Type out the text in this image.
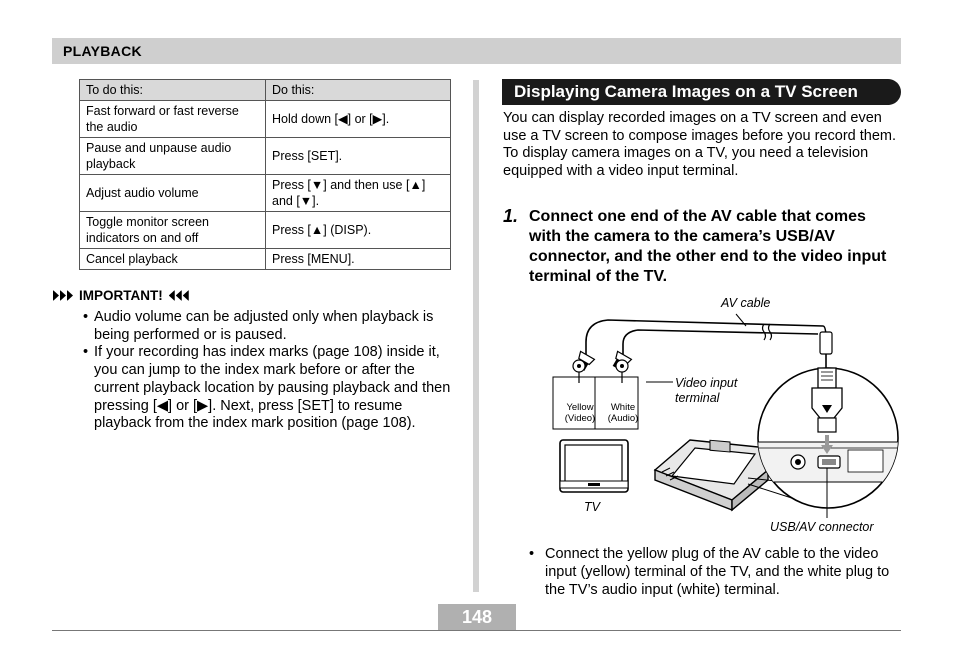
PLAYBACK
To do this:	Do this:
Fast forward or fast reverse the audio	Hold down [◀] or [▶].
Pause and unpause audio playback	Press [SET].
Adjust audio volume	Press [▼] and then use [▲] and [▼].
Toggle monitor screen indicators on and off	Press [▲] (DISP).
Cancel playback	Press [MENU].
IMPORTANT!
• Audio volume can be adjusted only when playback is being performed or is paused.
• If your recording has index marks (page 108) inside it, you can jump to the index mark before or after the current playback location by pausing playback and then pressing [◀] or [▶]. Next, press [SET] to resume playback from the index mark position (page 108).
Displaying Camera Images on a TV Screen
You can display recorded images on a TV screen and even use a TV screen to compose images before you record them. To display camera images on a TV, you need a television equipped with a video input terminal.
1. Connect one end of the AV cable that comes with the camera to the camera’s USB/AV connector, and the other end to the video input terminal of the TV.
AV cable
Video input
terminal
Yellow
(Video)
White
(Audio)
TV
USB/AV connector
• Connect the yellow plug of the AV cable to the video input (yellow) terminal of the TV, and the white plug to the TV’s audio input (white) terminal.
148
